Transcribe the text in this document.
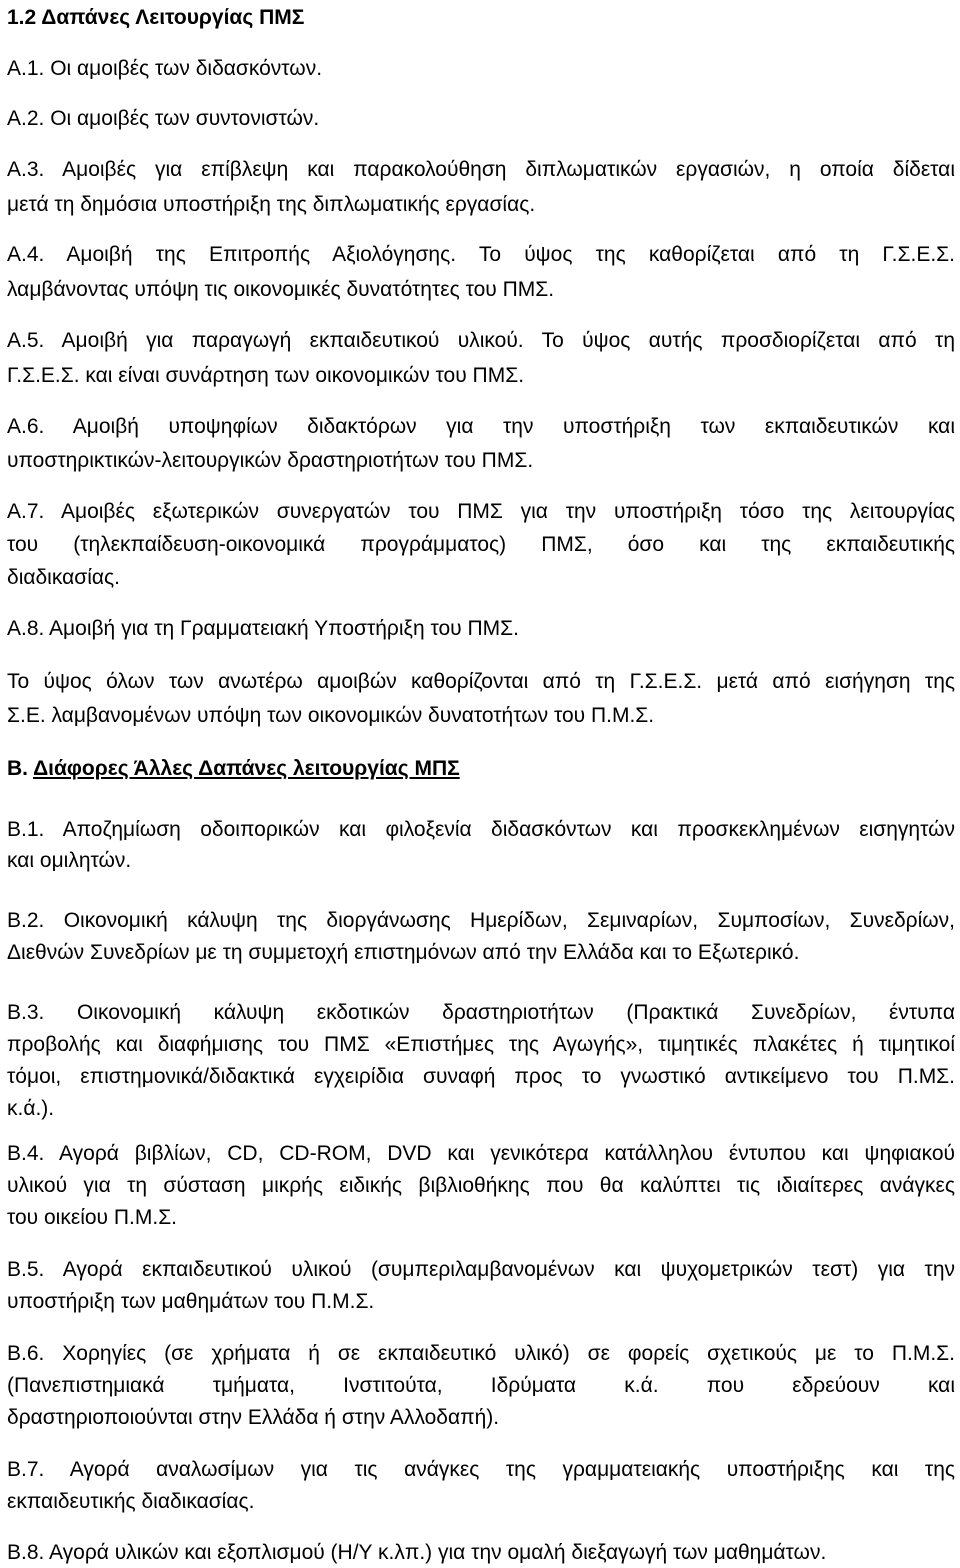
1.2 Δαπάνες Λειτουργίας ΠΜΣ
Α.1. Οι αμοιβές των διδασκόντων.
Α.2. Οι αμοιβές των συντονιστών.
Α.3. Αμοιβές για επίβλεψη και παρακολούθηση διπλωματικών εργασιών, η οποία δίδεται
μετά τη δημόσια υποστήριξη της διπλωματικής εργασίας.
Α.4. Αμοιβή της Επιτροπής Αξιολόγησης. Το ύψος της καθορίζεται από τη Γ.Σ.Ε.Σ.
λαμβάνοντας υπόψη τις οικονομικές δυνατότητες του ΠΜΣ.
Α.5. Αμοιβή για παραγωγή εκπαιδευτικού υλικού. Το ύψος αυτής προσδιορίζεται από τη
Γ.Σ.Ε.Σ. και είναι συνάρτηση των οικονομικών του ΠΜΣ.
Α.6. Αμοιβή υποψηφίων διδακτόρων για την υποστήριξη των εκπαιδευτικών και
υποστηρικτικών-λειτουργικών δραστηριοτήτων του ΠΜΣ.
Α.7. Αμοιβές εξωτερικών συνεργατών του ΠΜΣ για την υποστήριξη τόσο της λειτουργίας
του (τηλεκπαίδευση-οικονομικά προγράμματος) ΠΜΣ, όσο και της εκπαιδευτικής
διαδικασίας.
Α.8. Αμοιβή για τη Γραμματειακή Υποστήριξη του ΠΜΣ.
Το ύψος όλων των ανωτέρω αμοιβών καθορίζονται από τη Γ.Σ.Ε.Σ. μετά από εισήγηση της
Σ.Ε. λαμβανομένων υπόψη των οικονομικών δυνατοτήτων του Π.Μ.Σ.
Β. Διάφορες Άλλες Δαπάνες λειτουργίας ΜΠΣ
Β.1. Αποζημίωση οδοιπορικών και φιλοξενία διδασκόντων και προσκεκλημένων εισηγητών
και ομιλητών.
Β.2. Οικονομική κάλυψη της διοργάνωσης Ημερίδων, Σεμιναρίων, Συμποσίων, Συνεδρίων,
Διεθνών Συνεδρίων με τη συμμετοχή επιστημόνων από την Ελλάδα και το Εξωτερικό.
Β.3. Οικονομική κάλυψη εκδοτικών δραστηριοτήτων (Πρακτικά Συνεδρίων, έντυπα
προβολής και διαφήμισης του ΠΜΣ «Επιστήμες της Αγωγής», τιμητικές πλακέτες ή τιμητικοί
τόμοι, επιστημονικά/διδακτικά εγχειρίδια συναφή προς το γνωστικό αντικείμενο του Π.ΜΣ.
κ.ά.).
Β.4. Αγορά βιβλίων, CD, CD-ROM, DVD και γενικότερα κατάλληλου έντυπου και ψηφιακού
υλικού για τη σύσταση μικρής ειδικής βιβλιοθήκης που θα καλύπτει τις ιδιαίτερες ανάγκες
του οικείου Π.Μ.Σ.
Β.5. Αγορά εκπαιδευτικού υλικού (συμπεριλαμβανομένων και ψυχομετρικών τεστ) για την
υποστήριξη των μαθημάτων του Π.Μ.Σ.
Β.6. Χορηγίες (σε χρήματα ή σε εκπαιδευτικό υλικό) σε φορείς σχετικούς με το Π.Μ.Σ.
(Πανεπιστημιακά τμήματα, Ινστιτούτα, Ιδρύματα κ.ά. που εδρεύουν και
δραστηριοποιούνται στην Ελλάδα ή στην Αλλοδαπή).
Β.7. Αγορά αναλωσίμων για τις ανάγκες της γραμματειακής υποστήριξης και της
εκπαιδευτικής διαδικασίας.
Β.8. Αγορά υλικών και εξοπλισμού (Η/Υ κ.λπ.) για την ομαλή διεξαγωγή των μαθημάτων.
